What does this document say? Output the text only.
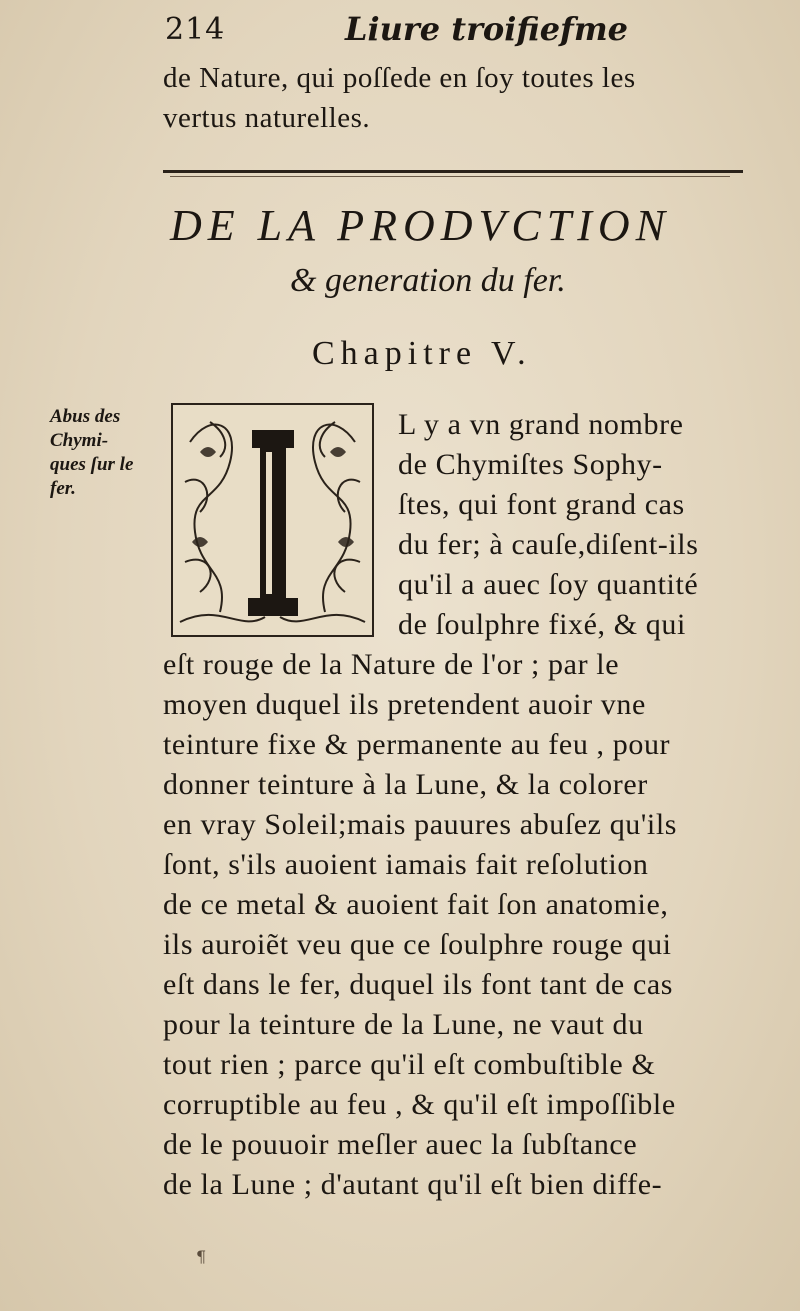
214	Liure troifiefme
de Nature, qui poſſede en ſoy toutes les
vertus naturelles.
DE LA PRODVCTION
& generation du fer.
Chapitre V.
Abus des
Chymi-
ques ſur le
fer.
L y a vn grand nombre
de Chymiſtes Sophy-
ſtes, qui font grand cas
du fer; à cauſe,diſent-ils
qu'il a auec ſoy quantité
de ſoulphre fixé, & qui
eſt rouge de la Nature de l'or ; par le
moyen duquel ils pretendent auoir vne
teinture fixe & permanente au feu , pour
donner teinture à la Lune, & la colorer
en vray Soleil;mais pauures abuſez qu'ils
ſont, s'ils auoient iamais fait reſolution
de ce metal & auoient fait ſon anatomie,
ils auroiẽt veu que ce ſoulphre rouge qui
eſt dans le fer, duquel ils font tant de cas
pour la teinture de la Lune, ne vaut du
tout rien ; parce qu'il eſt combuſtible &
corruptible au feu , & qu'il eſt impoſſible
de le pouuoir meſler auec la ſubſtance
de la Lune ; d'autant qu'il eſt bien diffe-
¶
